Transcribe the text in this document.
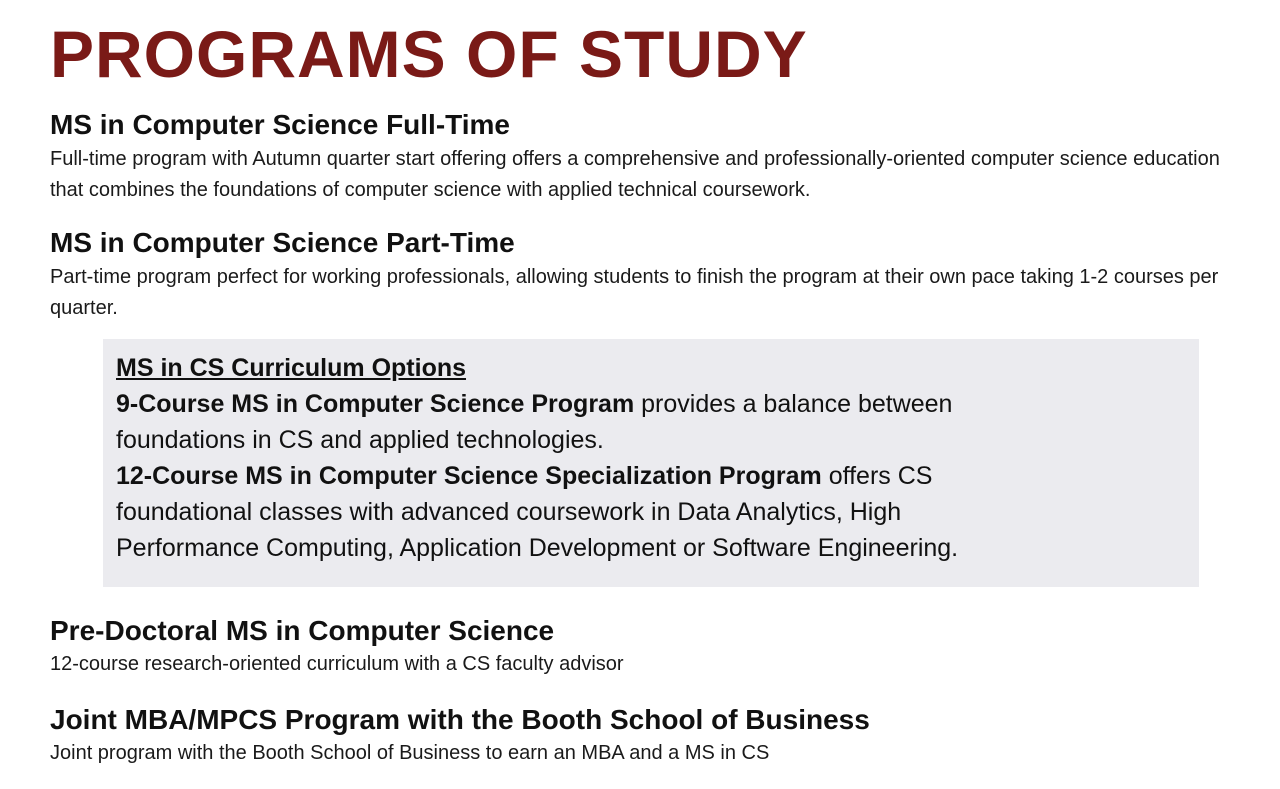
PROGRAMS OF STUDY
MS in Computer Science Full-Time

Full-time program with Autumn quarter start offering offers a comprehensive and professionally-oriented computer science education that combines the foundations of computer science with applied technical coursework.

MS in Computer Science Part-Time

Part-time program perfect for working professionals, allowing students to finish the program at their own pace taking 1-2 courses per quarter.

MS in CS Curriculum Options

9-Course MS in Computer Science Program provides a balance between foundations in CS and applied technologies.

12-Course MS in Computer Science Specialization Program offers CS foundational classes with advanced coursework in Data Analytics, High Performance Computing, Application Development or Software Engineering.

Pre-Doctoral MS in Computer Science

12-course research-oriented curriculum with a CS faculty advisor

Joint MBA/MPCS Program with the Booth School of Business

Joint program with the Booth School of Business to earn an MBA and a MS in CS
